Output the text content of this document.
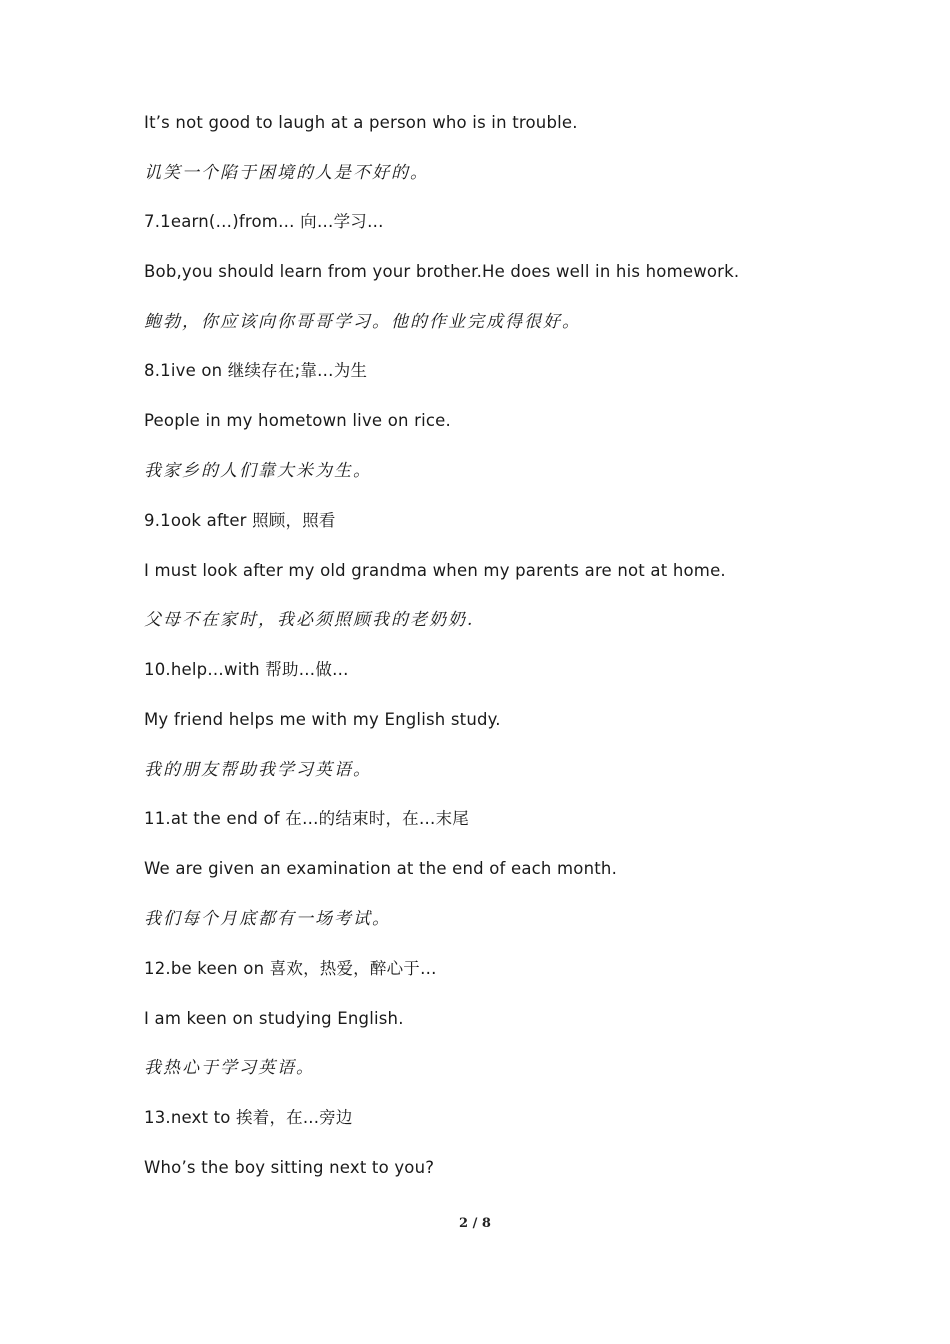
It’s not good to laugh at a person who is in trouble.
讥笑一个陷于困境的人是不好的。
7.1earn(…)from… 向…学习…
Bob,you should learn from your brother.He does well in his homework.
鲍勃，你应该向你哥哥学习。他的作业完成得很好。
8.1ive on 继续存在;靠…为生
People in my hometown live on rice.
我家乡的人们靠大米为生。
9.1ook after 照顾，照看
I must look after my old grandma when my parents are not at home.
父母不在家时，我必须照顾我的老奶奶.
10.help…with 帮助…做…
My friend helps me with my English study.
我的朋友帮助我学习英语。
11.at the end of 在…的结束时，在…末尾
We are given an examination at the end of each month.
我们每个月底都有一场考试。
12.be keen on 喜欢，热爱，醉心于…
I am keen on studying English.
我热心于学习英语。
13.next to 挨着，在...旁边
Who’s the boy sitting next to you?
2 / 8
